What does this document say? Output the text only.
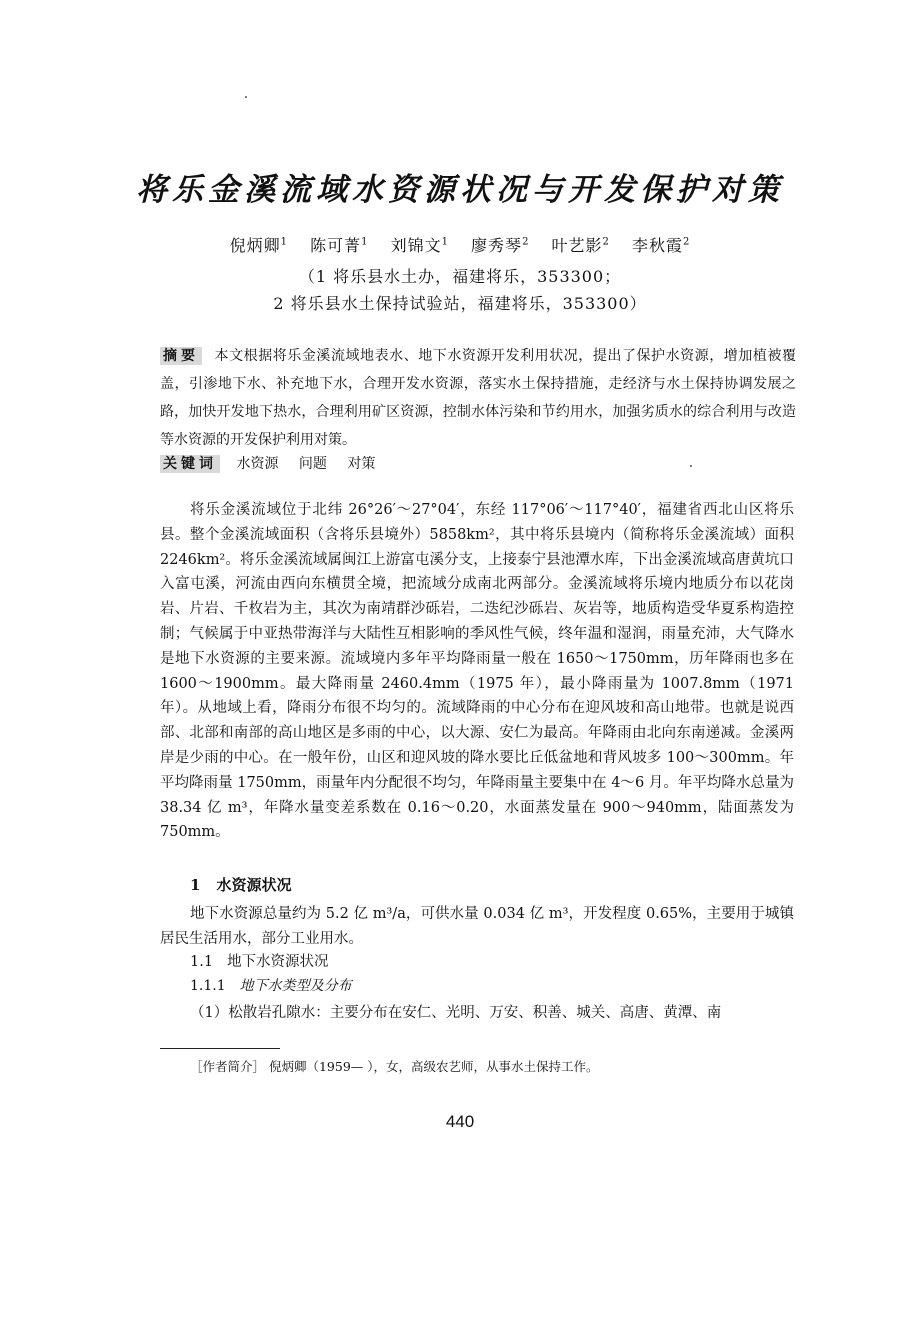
将乐金溪流域水资源状况与开发保护对策
倪炳卿$^1$ 陈可菁$^1$ 刘锦文$^1$ 廖秀琴$^2$ 叶艺影$^2$ 李秋霞$^2$
（1 将乐县水土办，福建将乐，353300；
2 将乐县水土保持试验站，福建将乐，353300）
摘要 本文根据将乐金溪流域地表水、地下水资源开发利用状况，提出了保护水资源，增加植被覆盖，引渗地下水、补充地下水，合理开发水资源，落实水土保持措施，走经济与水土保持协调发展之路，加快开发地下热水，合理利用矿区资源，控制水体污染和节约用水，加强劣质水的综合利用与改造等水资源的开发保护利用对策。
关键词 水资源 问题 对策

将乐金溪流域位于北纬 26°26′～27°04′，东经 117°06′～117°40′，福建省西北山区将乐县。整个金溪流域面积（含将乐县境外）5858km²，其中将乐县境内（简称将乐金溪流域）面积 2246km²。将乐金溪流域属闽江上游富屯溪分支，上接泰宁县池潭水库，下出金溪流域高唐黄坑口入富屯溪，河流由西向东横贯全境，把流域分成南北两部分。金溪流域将乐境内地质分布以花岗岩、片岩、千枚岩为主，其次为南靖群沙砾岩，二迭纪沙砾岩、灰岩等，地质构造受华夏系构造控制；气候属于中亚热带海洋与大陆性互相影响的季风性气候，终年温和湿润，雨量充沛，大气降水是地下水资源的主要来源。流域境内多年平均降雨量一般在 1650～1750mm，历年降雨也多在 1600～1900mm。最大降雨量 2460.4mm（1975 年），最小降雨量为 1007.8mm（1971 年）。从地域上看，降雨分布很不均匀的。流域降雨的中心分布在迎风坡和高山地带。也就是说西部、北部和南部的高山地区是多雨的中心，以大源、安仁为最高。年降雨由北向东南递减。金溪两岸是少雨的中心。在一般年份，山区和迎风坡的降水要比丘低盆地和背风坡多 100～300mm。年平均降雨量 1750mm，雨量年内分配很不均匀，年降雨量主要集中在 4～6 月。年平均降水总量为 38.34 亿 m³，年降水量变差系数在 0.16～0.20，水面蒸发量在 900～940mm，陆面蒸发为 750mm。

1 水资源状况
地下水资源总量约为 5.2 亿 m³/a，可供水量 0.034 亿 m³，开发程度 0.65%，主要用于城镇居民生活用水，部分工业用水。
1.1 地下水资源状况
1.1.1 地下水类型及分布
（1）松散岩孔隙水：主要分布在安仁、光明、万安、积善、城关、高唐、黄潭、南
［作者简介］ 倪炳卿（1959— ），女，高级农艺师，从事水土保持工作。
440
